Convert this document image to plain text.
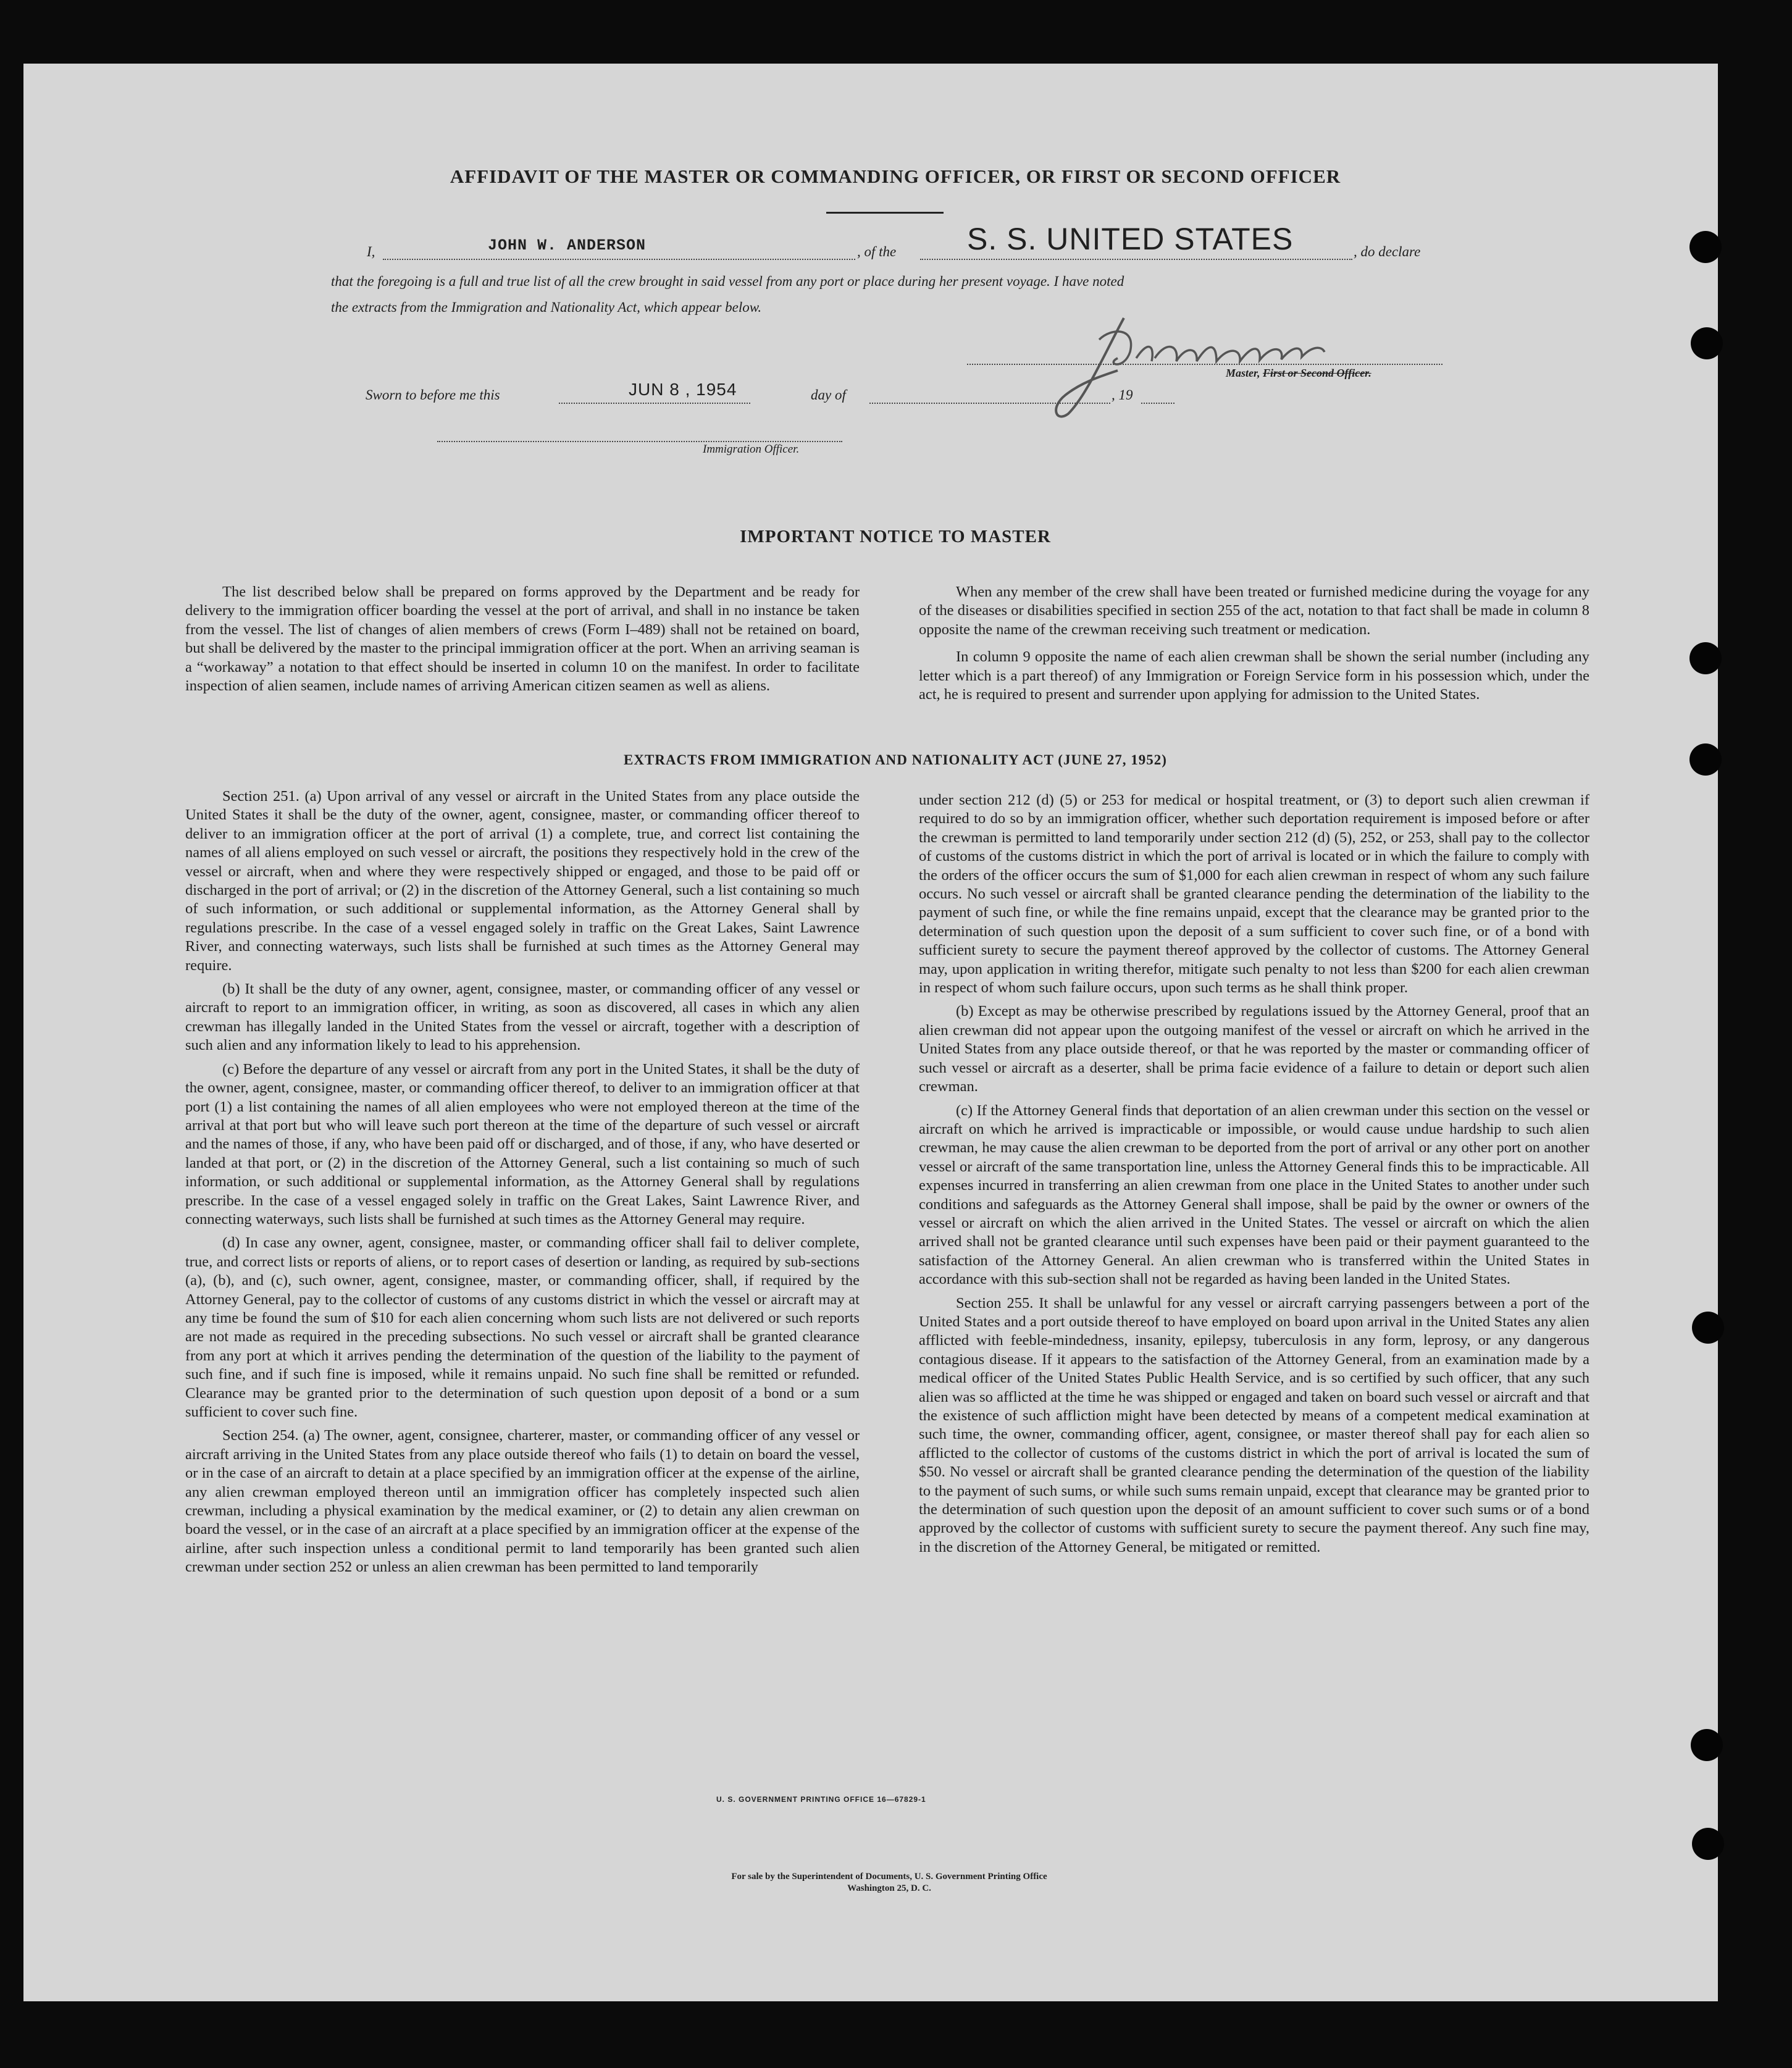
AFFIDAVIT OF THE MASTER OR COMMANDING OFFICER, OR FIRST OR SECOND OFFICER
I,	JOHN W. ANDERSON	, of the S. S. UNITED STATES	, do declare
that the foregoing is a full and true list of all the crew brought in said vessel from any port or place during her present voyage. I have noted
the extracts from the Immigration and Nationality Act, which appear below.
Master, First or Second Officer.
Sworn to before me this	JUN 8 , 1954	day of	, 19
Immigration Officer.
IMPORTANT NOTICE TO MASTER

The list described below shall be prepared on forms approved by the Department and be ready for delivery to the immigration officer boarding the vessel at the port of arrival, and shall in no instance be taken from the vessel. The list of changes of alien members of crews (Form I–489) shall not be retained on board, but shall be delivered by the master to the principal immigration officer at the port. When an arriving seaman is a “workaway” a notation to that effect should be inserted in column 10 on the manifest. In order to facilitate inspection of alien seamen, include names of arriving American citizen seamen as well as aliens.

When any member of the crew shall have been treated or furnished medicine during the voyage for any of the diseases or disabilities specified in section 255 of the act, notation to that fact shall be made in column 8 opposite the name of the crewman receiving such treatment or medication.

In column 9 opposite the name of each alien crewman shall be shown the serial number (including any letter which is a part thereof) of any Immigration or Foreign Service form in his possession which, under the act, he is required to present and surrender upon applying for admission to the United States.

EXTRACTS FROM IMMIGRATION AND NATIONALITY ACT (JUNE 27, 1952)

Section 251. (a) Upon arrival of any vessel or aircraft in the United States from any place outside the United States it shall be the duty of the owner, agent, consignee, master, or commanding officer thereof to deliver to an immigration officer at the port of arrival (1) a complete, true, and correct list containing the names of all aliens employed on such vessel or aircraft, the positions they respectively hold in the crew of the vessel or aircraft, when and where they were respectively shipped or engaged, and those to be paid off or discharged in the port of arrival; or (2) in the discretion of the Attorney General, such a list containing so much of such information, or such additional or supplemental information, as the Attorney General shall by regulations prescribe. In the case of a vessel engaged solely in traffic on the Great Lakes, Saint Lawrence River, and connecting waterways, such lists shall be furnished at such times as the Attorney General may require.

(b) It shall be the duty of any owner, agent, consignee, master, or commanding officer of any vessel or aircraft to report to an immigration officer, in writing, as soon as discovered, all cases in which any alien crewman has illegally landed in the United States from the vessel or aircraft, together with a description of such alien and any information likely to lead to his apprehension.

(c) Before the departure of any vessel or aircraft from any port in the United States, it shall be the duty of the owner, agent, consignee, master, or commanding officer thereof, to deliver to an immigration officer at that port (1) a list containing the names of all alien employees who were not employed thereon at the time of the arrival at that port but who will leave such port thereon at the time of the departure of such vessel or aircraft and the names of those, if any, who have been paid off or discharged, and of those, if any, who have deserted or landed at that port, or (2) in the discretion of the Attorney General, such a list containing so much of such information, or such additional or supplemental information, as the Attorney General shall by regulations prescribe. In the case of a vessel engaged solely in traffic on the Great Lakes, Saint Lawrence River, and connecting waterways, such lists shall be furnished at such times as the Attorney General may require.

(d) In case any owner, agent, consignee, master, or commanding officer shall fail to deliver complete, true, and correct lists or reports of aliens, or to report cases of desertion or landing, as required by sub-sections (a), (b), and (c), such owner, agent, consignee, master, or commanding officer, shall, if required by the Attorney General, pay to the collector of customs of any customs district in which the vessel or aircraft may at any time be found the sum of $10 for each alien concerning whom such lists are not delivered or such reports are not made as required in the preceding subsections. No such vessel or aircraft shall be granted clearance from any port at which it arrives pending the determination of the question of the liability to the payment of such fine, and if such fine is imposed, while it remains unpaid. No such fine shall be remitted or refunded. Clearance may be granted prior to the determination of such question upon deposit of a bond or a sum sufficient to cover such fine.

Section 254. (a) The owner, agent, consignee, charterer, master, or commanding officer of any vessel or aircraft arriving in the United States from any place outside thereof who fails (1) to detain on board the vessel, or in the case of an aircraft to detain at a place specified by an immigration officer at the expense of the airline, any alien crewman employed thereon until an immigration officer has completely inspected such alien crewman, including a physical examination by the medical examiner, or (2) to detain any alien crewman on board the vessel, or in the case of an aircraft at a place specified by an immigration officer at the expense of the airline, after such inspection unless a conditional permit to land temporarily has been granted such alien crewman under section 252 or unless an alien crewman has been permitted to land temporarily

under section 212 (d) (5) or 253 for medical or hospital treatment, or (3) to deport such alien crewman if required to do so by an immigration officer, whether such deportation requirement is imposed before or after the crewman is permitted to land temporarily under section 212 (d) (5), 252, or 253, shall pay to the collector of customs of the customs district in which the port of arrival is located or in which the failure to comply with the orders of the officer occurs the sum of $1,000 for each alien crewman in respect of whom any such failure occurs. No such vessel or aircraft shall be granted clearance pending the determination of the liability to the payment of such fine, or while the fine remains unpaid, except that the clearance may be granted prior to the determination of such question upon the deposit of a sum sufficient to cover such fine, or of a bond with sufficient surety to secure the payment thereof approved by the collector of customs. The Attorney General may, upon application in writing therefor, mitigate such penalty to not less than $200 for each alien crewman in respect of whom such failure occurs, upon such terms as he shall think proper.

(b) Except as may be otherwise prescribed by regulations issued by the Attorney General, proof that an alien crewman did not appear upon the outgoing manifest of the vessel or aircraft on which he arrived in the United States from any place outside thereof, or that he was reported by the master or commanding officer of such vessel or aircraft as a deserter, shall be prima facie evidence of a failure to detain or deport such alien crewman.

(c) If the Attorney General finds that deportation of an alien crewman under this section on the vessel or aircraft on which he arrived is impracticable or impossible, or would cause undue hardship to such alien crewman, he may cause the alien crewman to be deported from the port of arrival or any other port on another vessel or aircraft of the same transportation line, unless the Attorney General finds this to be impracticable. All expenses incurred in transferring an alien crewman from one place in the United States to another under such conditions and safeguards as the Attorney General shall impose, shall be paid by the owner or owners of the vessel or aircraft on which the alien arrived in the United States. The vessel or aircraft on which the alien arrived shall not be granted clearance until such expenses have been paid or their payment guaranteed to the satisfaction of the Attorney General. An alien crewman who is transferred within the United States in accordance with this sub-section shall not be regarded as having been landed in the United States.

Section 255. It shall be unlawful for any vessel or aircraft carrying passengers between a port of the United States and a port outside thereof to have employed on board upon arrival in the United States any alien afflicted with feeble-mindedness, insanity, epilepsy, tuberculosis in any form, leprosy, or any dangerous contagious disease. If it appears to the satisfaction of the Attorney General, from an examination made by a medical officer of the United States Public Health Service, and is so certified by such officer, that any such alien was so afflicted at the time he was shipped or engaged and taken on board such vessel or aircraft and that the existence of such affliction might have been detected by means of a competent medical examination at such time, the owner, commanding officer, agent, consignee, or master thereof shall pay for each alien so afflicted to the collector of customs of the customs district in which the port of arrival is located the sum of $50. No vessel or aircraft shall be granted clearance pending the determination of the question of the liability to the payment of such sums, or while such sums remain unpaid, except that clearance may be granted prior to the determination of such question upon the deposit of an amount sufficient to cover such sums or of a bond approved by the collector of customs with sufficient surety to secure the payment thereof. Any such fine may, in the discretion of the Attorney General, be mitigated or remitted.

U. S. GOVERNMENT PRINTING OFFICE 16—67829-1
For sale by the Superintendent of Documents, U. S. Government Printing Office
Washington 25, D. C.
